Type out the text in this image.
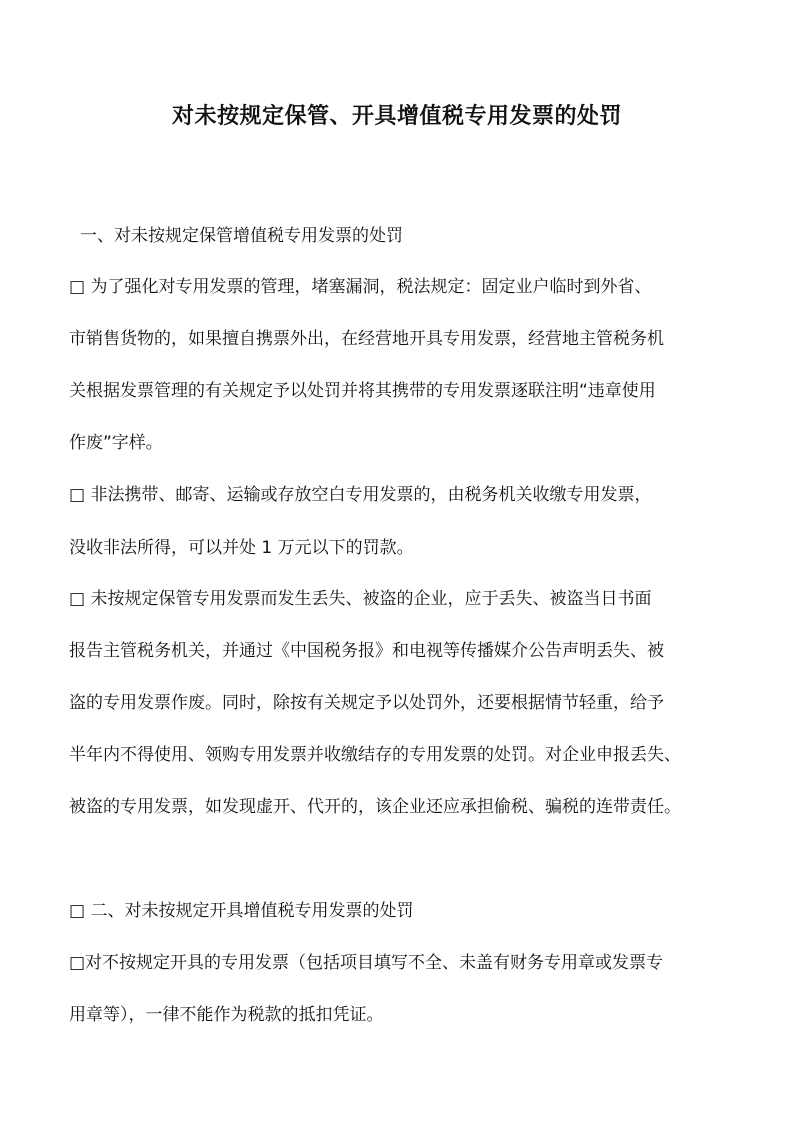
对未按规定保管、开具增值税专用发票的处罚
一、对未按规定保管增值税专用发票的处罚
□ 为了强化对专用发票的管理，堵塞漏洞，税法规定：固定业户临时到外省、
市销售货物的，如果擅自携票外出，在经营地开具专用发票，经营地主管税务机
关根据发票管理的有关规定予以处罚并将其携带的专用发票逐联注明“违章使用
作废”字样。
□ 非法携带、邮寄、运输或存放空白专用发票的，由税务机关收缴专用发票，
没收非法所得，可以并处 1 万元以下的罚款。
□ 未按规定保管专用发票而发生丢失、被盗的企业，应于丢失、被盗当日书面
报告主管税务机关，并通过《中国税务报》和电视等传播媒介公告声明丢失、被
盗的专用发票作废。同时，除按有关规定予以处罚外，还要根据情节轻重，给予
半年内不得使用、领购专用发票并收缴结存的专用发票的处罚。对企业申报丢失、
被盗的专用发票，如发现虚开、代开的，该企业还应承担偷税、骗税的连带责任。
□ 二、对未按规定开具增值税专用发票的处罚
□对不按规定开具的专用发票（包括项目填写不全、未盖有财务专用章或发票专
用章等），一律不能作为税款的抵扣凭证。
